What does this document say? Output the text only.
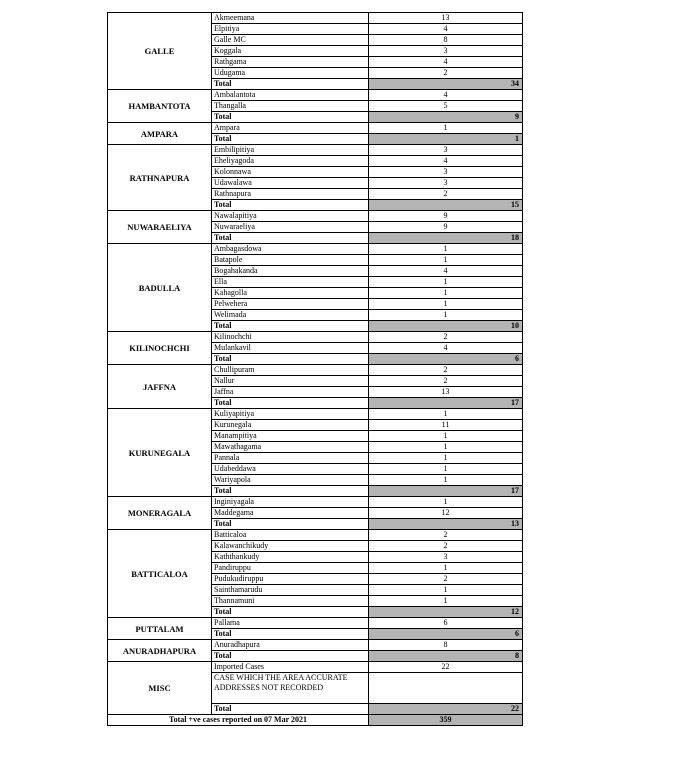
GALLE	Akmeemana	13
	Elpitiya	4
	Galle MC	8
	Koggala	3
	Rathgama	4
	Udugama	2
	Total	34
HAMBANTOTA	Ambalantota	4
	Thangalla	5
	Total	9
AMPARA	Ampara	1
	Total	1
RATHNAPURA	Embilipitiya	3
	Eheliyagoda	4
	Kolonnawa	3
	Udawalawa	3
	Rathnapura	2
	Total	15
NUWARAELIYA	Nawalapitiya	9
	Nuwaraeliya	9
	Total	18
BADULLA	Ambagasdowa	1
	Batapole	1
	Bogahakanda	4
	Ella	1
	Kahagolla	1
	Pelwehera	1
	Welimada	1
	Total	10
KILINOCHCHI	Kilinochchi	2
	Mulankavil	4
	Total	6
JAFFNA	Chullipuram	2
	Nallur	2
	Jaffna	13
	Total	17
KURUNEGALA	Kuliyapitiya	1
	Kurunegala	11
	Manampitiya	1
	Mawathagama	1
	Pannala	1
	Udabeddawa	1
	Wariyapola	1
	Total	17
MONERAGALA	Inginiyagala	1
	Maddegama	12
	Total	13
BATTICALOA	Batticaloa	2
	Kalawanchikudy	2
	Kaththankudy	3
	Pandiruppu	1
	Pudukudiruppu	2
	Sainthamarudu	1
	Thannamuni	1
	Total	12
PUTTALAM	Pallama	6
	Total	6
ANURADHAPURA	Anuradhapura	8
	Total	8
MISC	Imported Cases	22
	CASE WHICH THE AREA ACCURATE ADDRESSES NOT RECORDED	
	Total	22
Total +ve cases reported on 07 Mar 2021		359
